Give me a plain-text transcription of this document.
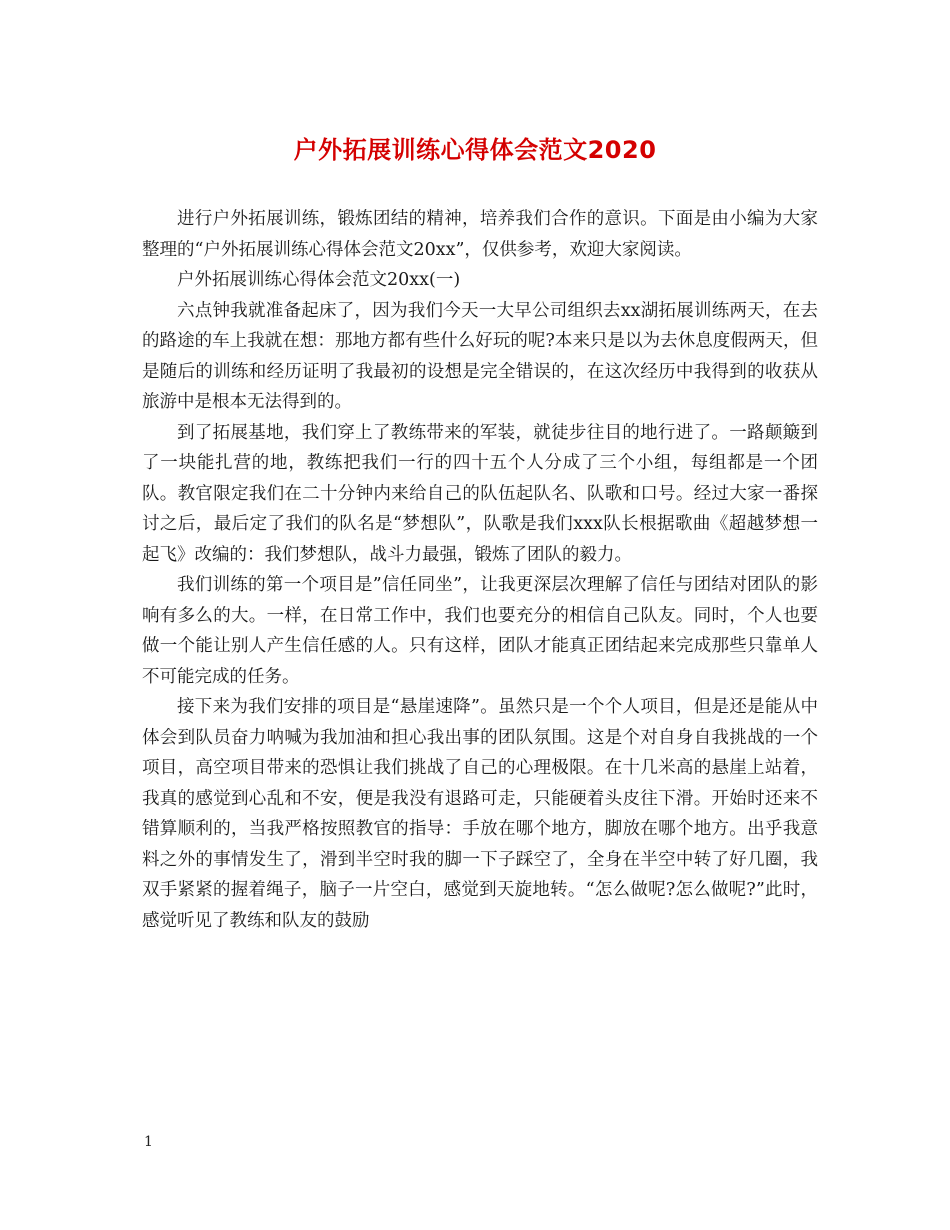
户外拓展训练心得体会范文2020

进行户外拓展训练，锻炼团结的精神，培养我们合作的意识。下面是由小编为大家整理的“户外拓展训练心得体会范文20xx”，仅供参考，欢迎大家阅读。

户外拓展训练心得体会范文20xx(一)

六点钟我就准备起床了，因为我们今天一大早公司组织去xx湖拓展训练两天，在去的路途的车上我就在想：那地方都有些什么好玩的呢?本来只是以为去休息度假两天，但是随后的训练和经历证明了我最初的设想是完全错误的，在这次经历中我得到的收获从旅游中是根本无法得到的。

到了拓展基地，我们穿上了教练带来的军装，就徒步往目的地行进了。一路颠簸到了一块能扎营的地，教练把我们一行的四十五个人分成了三个小组，每组都是一个团队。教官限定我们在二十分钟内来给自己的队伍起队名、队歌和口号。经过大家一番探讨之后，最后定了我们的队名是“梦想队”，队歌是我们xxx队长根据歌曲《超越梦想一起飞》改编的：我们梦想队，战斗力最强，锻炼了团队的毅力。

我们训练的第一个项目是”信任同坐”，让我更深层次理解了信任与团结对团队的影响有多么的大。一样，在日常工作中，我们也要充分的相信自己队友。同时，个人也要做一个能让别人产生信任感的人。只有这样，团队才能真正团结起来完成那些只靠单人不可能完成的任务。

接下来为我们安排的项目是“悬崖速降”。虽然只是一个个人项目，但是还是能从中体会到队员奋力呐喊为我加油和担心我出事的团队氛围。这是个对自身自我挑战的一个项目，高空项目带来的恐惧让我们挑战了自己的心理极限。在十几米高的悬崖上站着，我真的感觉到心乱和不安，便是我没有退路可走，只能硬着头皮往下滑。开始时还来不错算顺利的，当我严格按照教官的指导：手放在哪个地方，脚放在哪个地方。出乎我意料之外的事情发生了，滑到半空时我的脚一下子踩空了，全身在半空中转了好几圈，我双手紧紧的握着绳子，脑子一片空白，感觉到天旋地转。“怎么做呢?怎么做呢?”此时，感觉听见了教练和队友的鼓励

1
